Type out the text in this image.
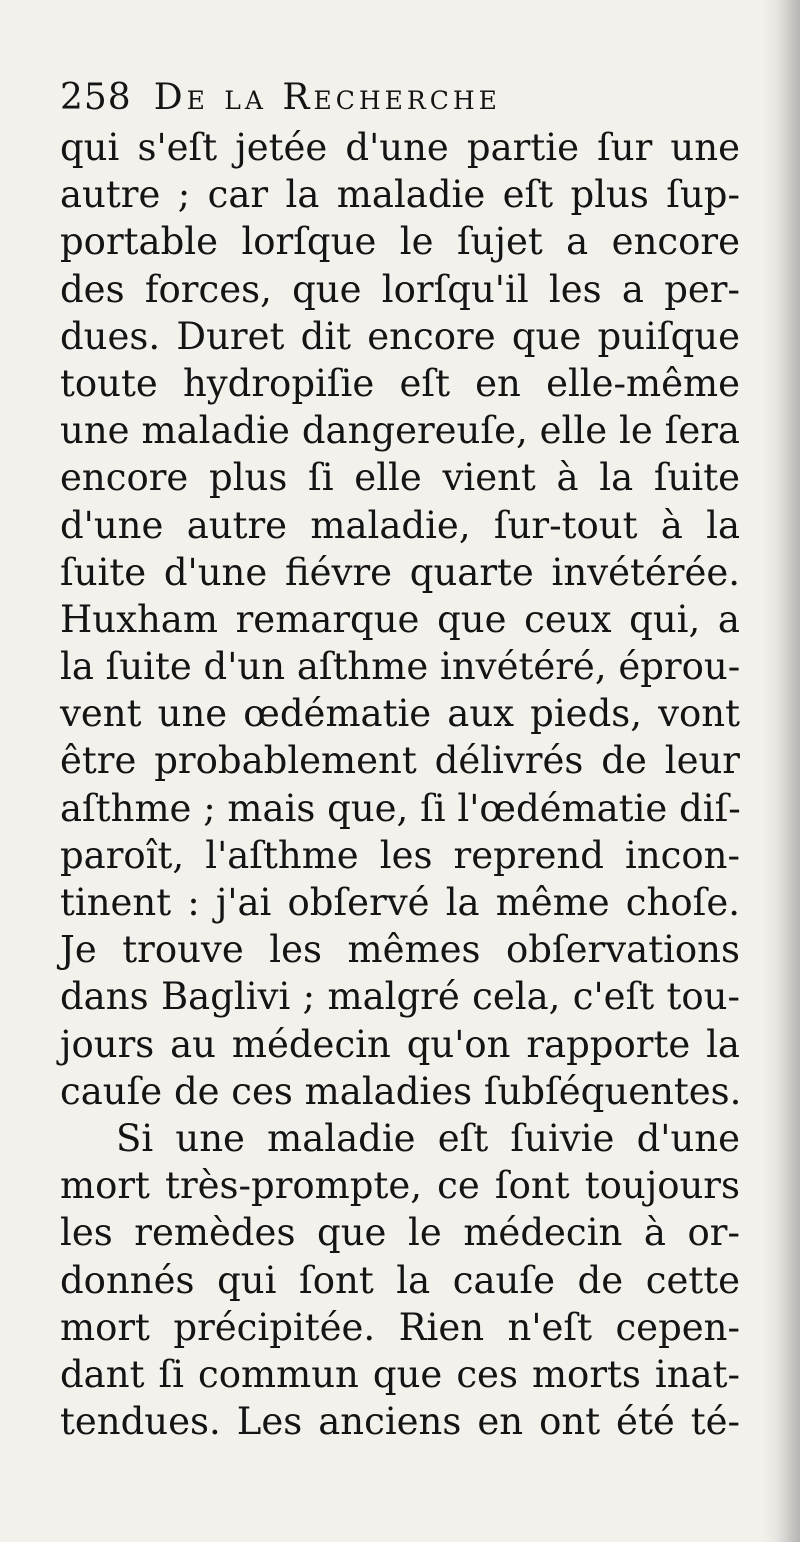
258 De la Recherche
qui s'eſt jetée d'une partie ſur une
autre ; car la maladie eſt plus ſup-
portable lorſque le ſujet a encore
des forces, que lorſqu'il les a per-
dues. Duret dit encore que puiſque
toute hydropiſie eſt en elle-même
une maladie dangereuſe, elle le ſera
encore plus ſi elle vient à la ſuite
d'une autre maladie, ſur-tout à la
ſuite d'une fiévre quarte invétérée.
Huxham remarque que ceux qui, a
la ſuite d'un aſthme invétéré, éprou-
vent une œdématie aux pieds, vont
être probablement délivrés de leur
aſthme ; mais que, ſi l'œdématie diſ-
paroît, l'aſthme les reprend incon-
tinent : j'ai obſervé la même choſe.
Je trouve les mêmes obſervations
dans Baglivi ; malgré cela, c'eſt tou-
jours au médecin qu'on rapporte la
cauſe de ces maladies ſubſéquentes.
Si une maladie eſt ſuivie d'une
mort très-prompte, ce ſont toujours
les remèdes que le médecin à or-
donnés qui ſont la cauſe de cette
mort précipitée. Rien n'eſt cepen-
dant ſi commun que ces morts inat-
tendues. Les anciens en ont été té-
